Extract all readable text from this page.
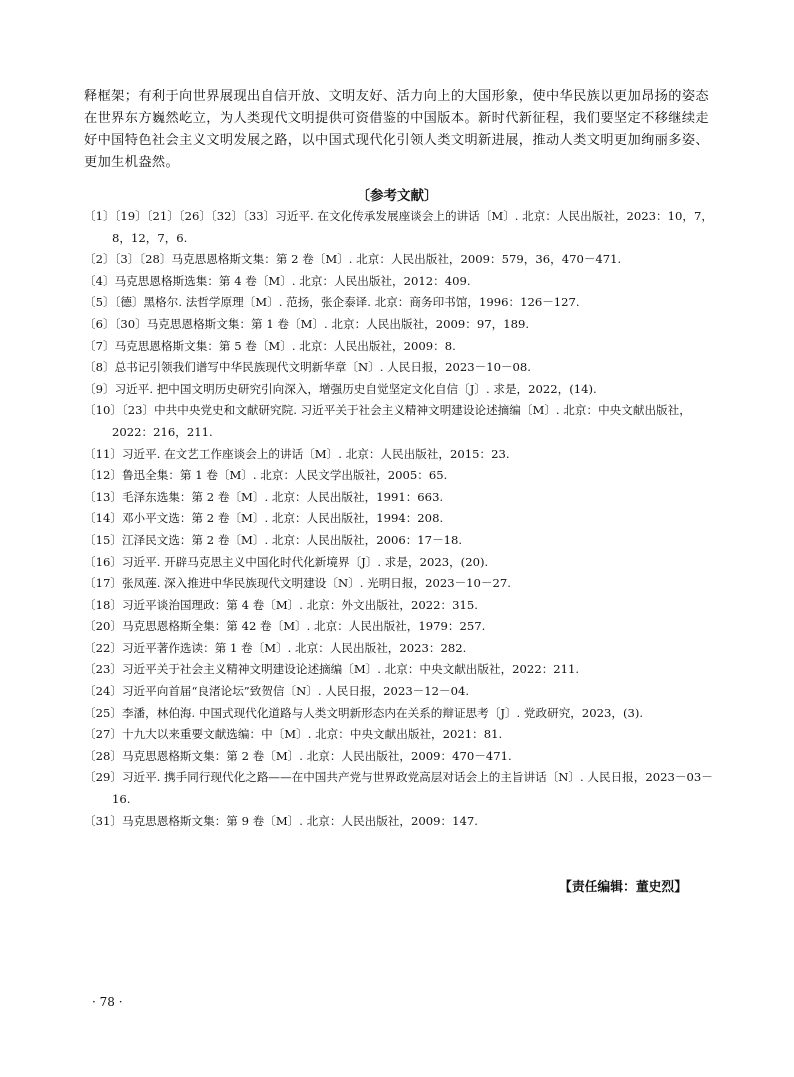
释框架；有利于向世界展现出自信开放、文明友好、活力向上的大国形象，使中华民族以更加昂扬的姿态在世界东方巍然屹立，为人类现代文明提供可资借鉴的中国版本。新时代新征程，我们要坚定不移继续走好中国特色社会主义文明发展之路，以中国式现代化引领人类文明新进展，推动人类文明更加绚丽多姿、更加生机盎然。

〔参考文献〕
〔1〕〔19〕〔21〕〔26〕〔32〕〔33〕习近平. 在文化传承发展座谈会上的讲话〔M〕. 北京：人民出版社，2023：10，7，8，12，7，6.
〔2〕〔3〕〔28〕马克思恩格斯文集：第 2 卷〔M〕. 北京：人民出版社，2009：579，36，470－471.
〔4〕马克思恩格斯选集：第 4 卷〔M〕. 北京：人民出版社，2012：409.
〔5〕〔德〕黑格尔. 法哲学原理〔M〕. 范扬，张企泰译. 北京：商务印书馆，1996：126－127.
〔6〕〔30〕马克思恩格斯文集：第 1 卷〔M〕. 北京：人民出版社，2009：97，189.
〔7〕马克思恩格斯文集：第 5 卷〔M〕. 北京：人民出版社，2009：8.
〔8〕总书记引领我们谱写中华民族现代文明新华章〔N〕. 人民日报，2023－10－08.
〔9〕习近平. 把中国文明历史研究引向深入，增强历史自觉坚定文化自信〔J〕. 求是，2022，(14).
〔10〕〔23〕中共中央党史和文献研究院. 习近平关于社会主义精神文明建设论述摘编〔M〕. 北京：中央文献出版社，2022：216，211.
〔11〕习近平. 在文艺工作座谈会上的讲话〔M〕. 北京：人民出版社，2015：23.
〔12〕鲁迅全集：第 1 卷〔M〕. 北京：人民文学出版社，2005：65.
〔13〕毛泽东选集：第 2 卷〔M〕. 北京：人民出版社，1991：663.
〔14〕邓小平文选：第 2 卷〔M〕. 北京：人民出版社，1994：208.
〔15〕江泽民文选：第 2 卷〔M〕. 北京：人民出版社，2006：17－18.
〔16〕习近平. 开辟马克思主义中国化时代化新境界〔J〕. 求是，2023，(20).
〔17〕张凤莲. 深入推进中华民族现代文明建设〔N〕. 光明日报，2023－10－27.
〔18〕习近平谈治国理政：第 4 卷〔M〕. 北京：外文出版社，2022：315.
〔20〕马克思恩格斯全集：第 42 卷〔M〕. 北京：人民出版社，1979：257.
〔22〕习近平著作选读：第 1 卷〔M〕. 北京：人民出版社，2023：282.
〔23〕习近平关于社会主义精神文明建设论述摘编〔M〕. 北京：中央文献出版社，2022：211.
〔24〕习近平向首届“良渚论坛”致贺信〔N〕. 人民日报，2023－12－04.
〔25〕李潘，林伯海. 中国式现代化道路与人类文明新形态内在关系的辩证思考〔J〕. 党政研究，2023，(3).
〔27〕十九大以来重要文献选编：中〔M〕. 北京：中央文献出版社，2021：81.
〔28〕马克思恩格斯文集：第 2 卷〔M〕. 北京：人民出版社，2009：470－471.
〔29〕习近平. 携手同行现代化之路——在中国共产党与世界政党高层对话会上的主旨讲话〔N〕. 人民日报，2023－03－16.
〔31〕马克思恩格斯文集：第 9 卷〔M〕. 北京：人民出版社，2009：147.
【责任编辑：董史烈】
· 78 ·
